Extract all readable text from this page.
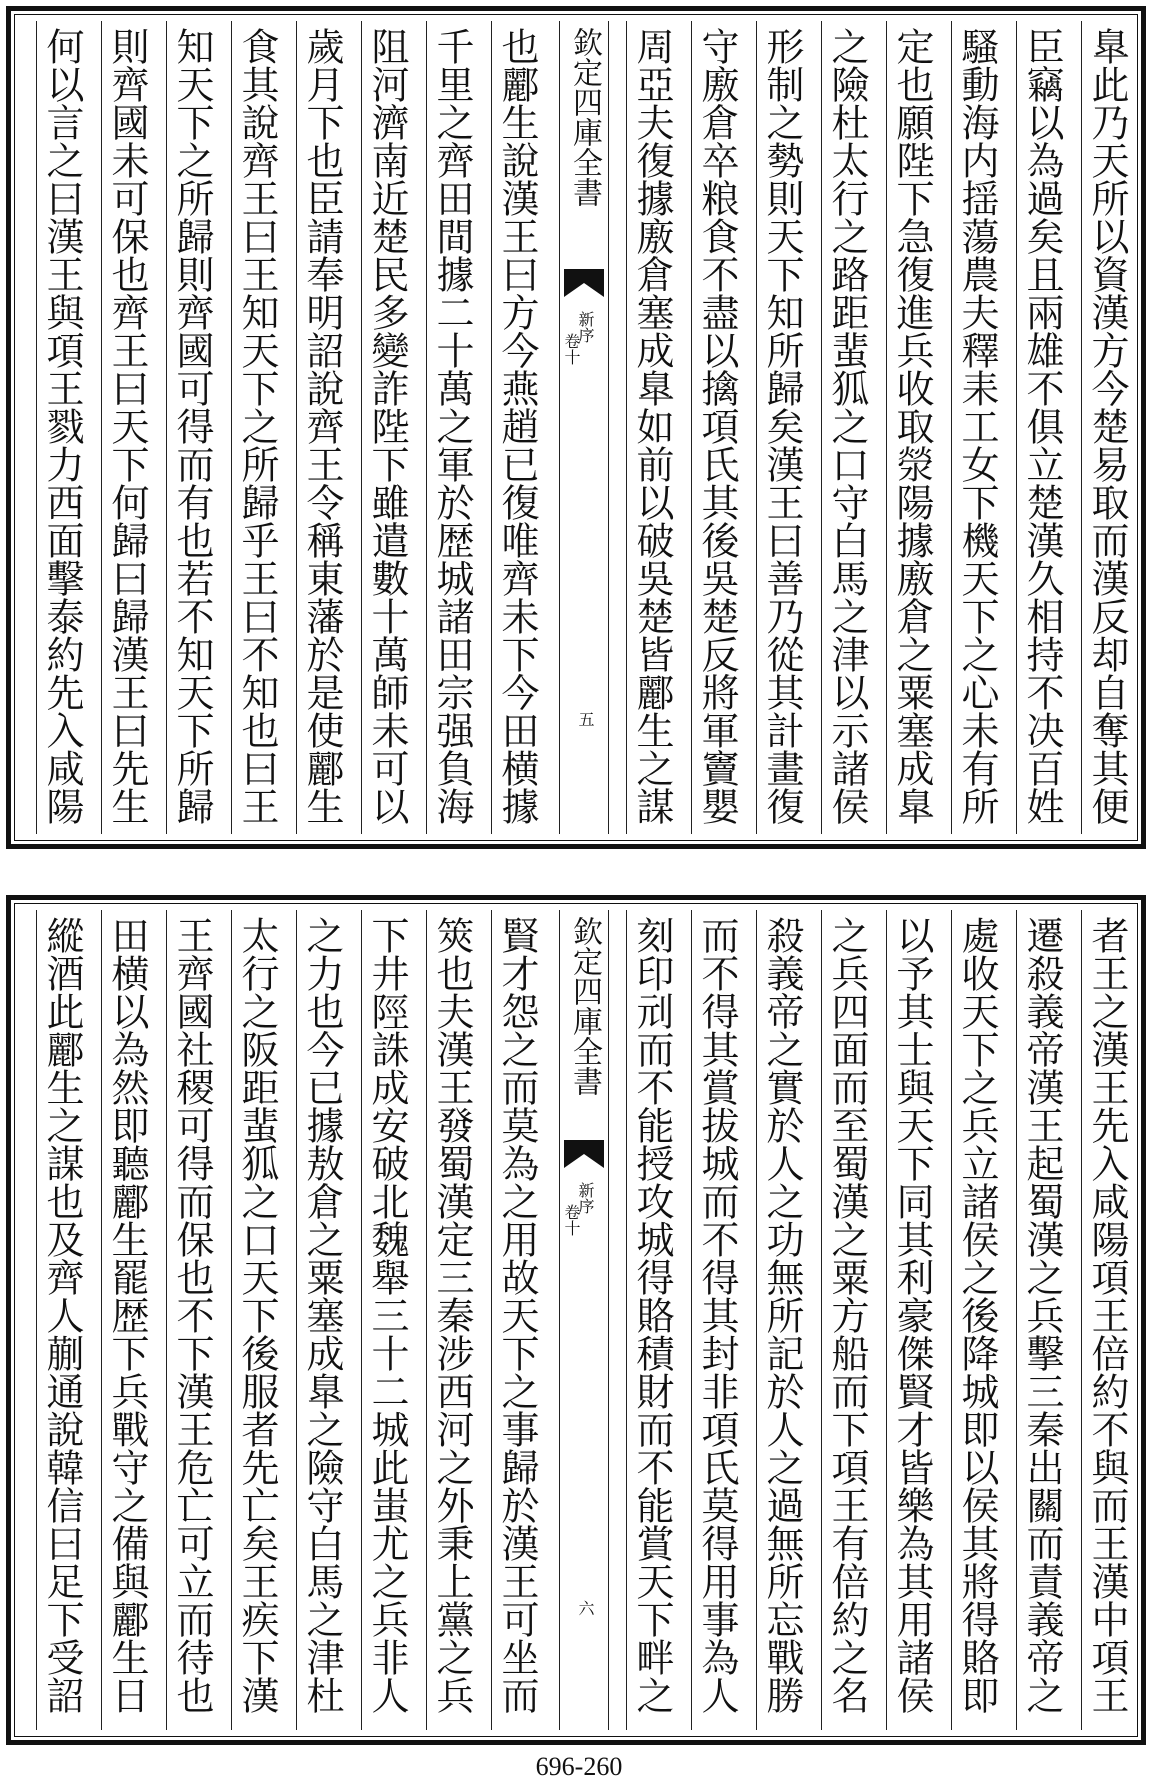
臯此乃天所以資漢方今楚易取而漢反却自奪其便
臣竊以為過矣且兩雄不俱立楚漢久相持不决百姓
騷動海内揺蕩農夫釋耒工女下機天下之心未有所
定也願陛下急復進兵收取滎陽據廒倉之粟塞成臯
之險杜太行之路距蜚狐之口守白馬之津以示諸侯
形制之勢則天下知所歸矣漢王曰善乃從其計畫復
守廒倉卒粮食不盡以擒項氏其後吳楚反將軍竇嬰
周亞夫復據廒倉塞成臯如前以破吳楚皆酈生之謀
欽定四庫全書
新序
卷十
五
也酈生說漢王曰方今燕趙已復唯齊未下今田横據
千里之齊田間據二十萬之軍於歴城諸田宗强負海
阻河濟南近楚民多變詐陛下雖遣數十萬師未可以
歲月下也臣請奉明詔說齊王令稱東藩於是使酈生
食其說齊王曰王知天下之所歸乎王曰不知也曰王
知天下之所歸則齊國可得而有也若不知天下所歸
則齊國未可保也齊王曰天下何歸曰歸漢王曰先生
何以言之曰漢王與項王戮力西面擊泰約先入咸陽
者王之漢王先入咸陽項王倍約不與而王漢中項王
遷殺義帝漢王起蜀漢之兵擊三秦出關而責義帝之
處收天下之兵立諸侯之後降城即以侯其將得賂即
以予其士與天下同其利豪傑賢才皆樂為其用諸侯
之兵四面而至蜀漢之粟方船而下項王有倍約之名
殺義帝之實於人之功無所記於人之過無所忘戰勝
而不得其賞拔城而不得其封非項氏莫得用事為人
刻印刓而不能授攻城得賂積財而不能賞天下畔之
欽定四庫全書
新序
卷十
六
賢才怨之而莫為之用故天下之事歸於漢王可坐而
筴也夫漢王發蜀漢定三秦涉西河之外秉上黨之兵
下井陘誅成安破北魏舉三十二城此蚩尤之兵非人
之力也今已據敖倉之粟塞成臯之險守白馬之津杜
太行之阪距蜚狐之口天下後服者先亡矣王疾下漢
王齊國社稷可得而保也不下漢王危亡可立而待也
田横以為然即聽酈生罷歴下兵戰守之備與酈生日
縱酒此酈生之謀也及齊人蒯通說韓信曰足下受詔
696-260
